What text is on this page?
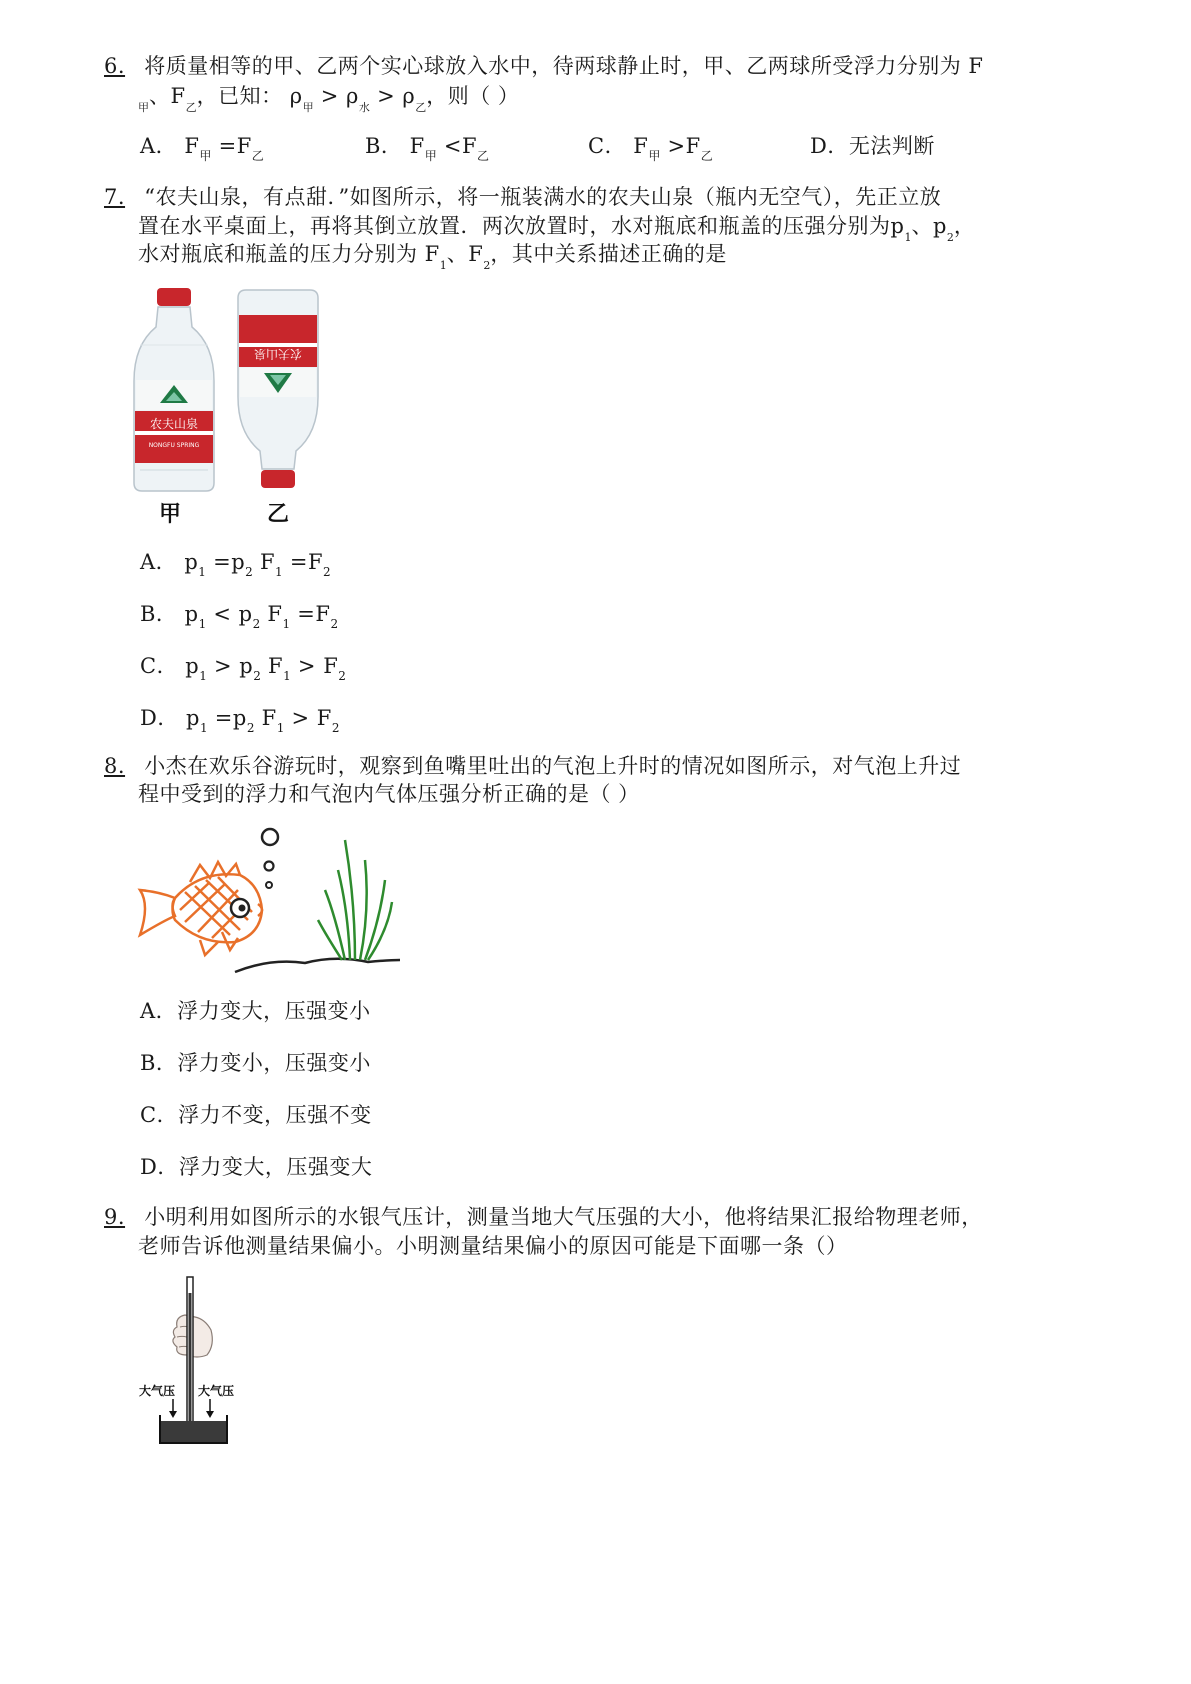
6. 将质量相等的甲、乙两个实心球放入水中，待两球静止时，甲、乙两球所受浮力分别为 F
$_甲$、$F_乙$，已知： $\rho_甲 > \rho_水 > \rho_乙$，则（ ）
A． $F_甲 =F_乙$	B． $F_甲 <F_乙$	C． $F_甲 >F_乙$	D．无法判断
7. “农夫山泉，有点甜．”如图所示，将一瓶装满水的农夫山泉（瓶内无空气），先正立放
置在水平桌面上，再将其倒立放置．两次放置时，水对瓶底和瓶盖的压强分别为$p_1$、$p_2$，
水对瓶底和瓶盖的压力分别为 $F_1$、$F_2$，其中关系描述正确的是
农夫山泉
NONGFU SPRING
农夫山泉
甲	乙
A． $p_1 =p_2$ $F_1 =F_2$
B． $p_1 < p_2$ $F_1 =F_2$
C． $p_1 > p_2$ $F_1 > F_2$
D． $p_1 =p_2$ $F_1 > F_2$
8. 小杰在欢乐谷游玩时，观察到鱼嘴里吐出的气泡上升时的情况如图所示，对气泡上升过
程中受到的浮力和气泡内气体压强分析正确的是（ ）
A．浮力变大，压强变小
B．浮力变小，压强变小
C．浮力不变，压强不变
D．浮力变大，压强变大
9. 小明利用如图所示的水银气压计，测量当地大气压强的大小，他将结果汇报给物理老师，
老师告诉他测量结果偏小。小明测量结果偏小的原因可能是下面哪一条（）
大气压 大气压
